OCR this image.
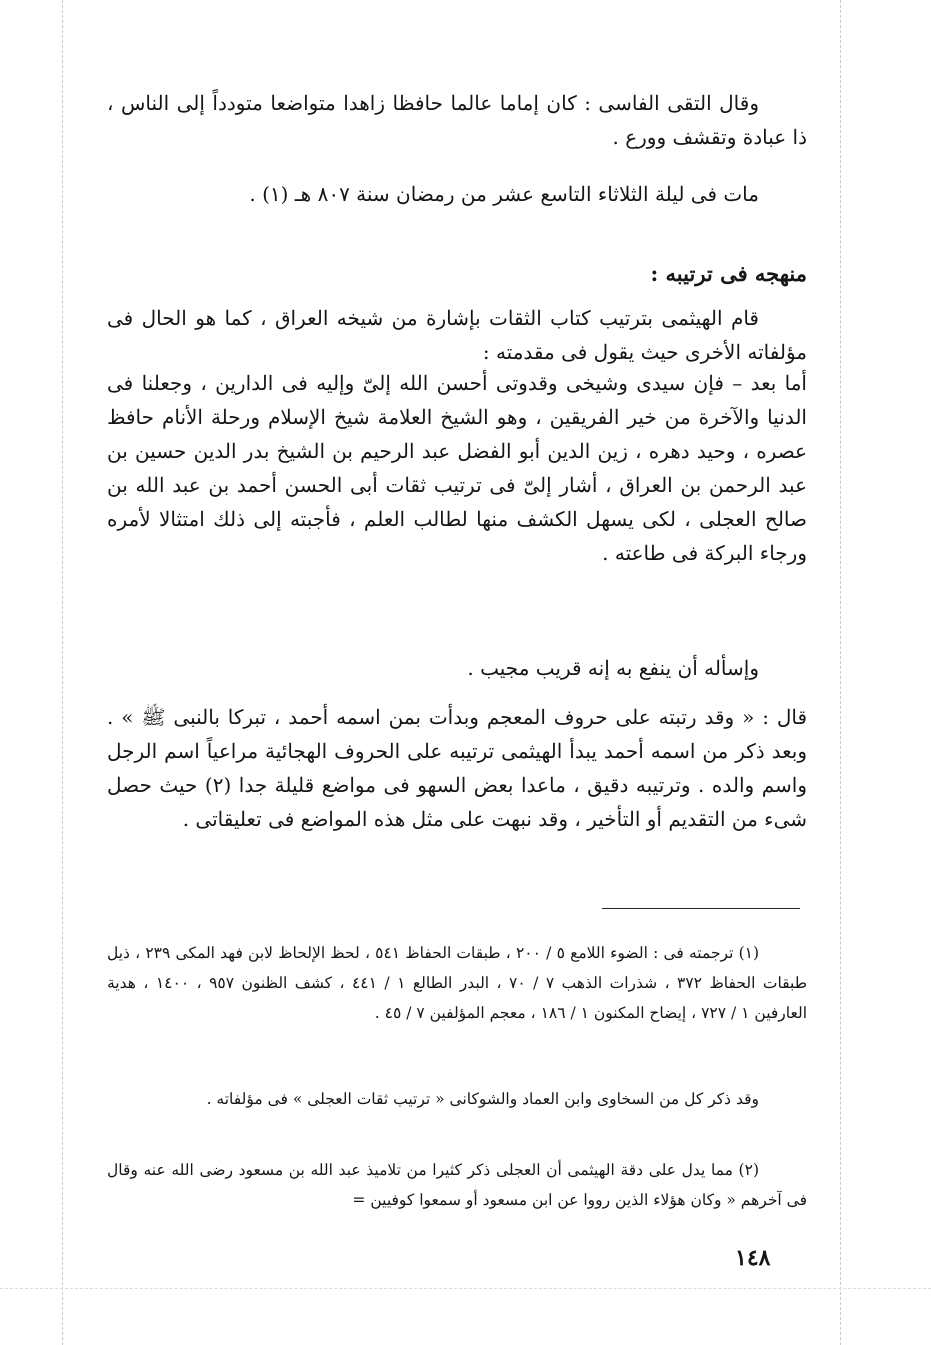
وقال التقى الفاسى : كان إماما عالما حافظا زاهدا متواضعا متودداً إلى الناس ، ذا عبادة وتقشف وورع .

مات فى ليلة الثلاثاء التاسع عشر من رمضان سنة ٨٠٧ هـ (١) .

منهجه فى ترتيبه :

قام الهيثمى بترتيب كتاب الثقات بإشارة من شيخه العراق ، كما هو الحال فى مؤلفاته الأخرى حيث يقول فى مقدمته :

أما بعد – فإن سيدى وشيخى وقدوتى أحسن الله إلىّ وإليه فى الدارين ، وجعلنا فى الدنيا والآخرة من خير الفريقين ، وهو الشيخ العلامة شيخ الإسلام ورحلة الأنام حافظ عصره ، وحيد دهره ، زين الدين أبو الفضل عبد الرحيم بن الشيخ بدر الدين حسين بن عبد الرحمن بن العراق ، أشار إلىّ فى ترتيب ثقات أبى الحسن أحمد بن عبد الله بن صالح العجلى ، لكى يسهل الكشف منها لطالب العلم ، فأجبته إلى ذلك امتثالا لأمره ورجاء البركة فى طاعته .

وإسأله أن ينفع به إنه قريب مجيب .

قال : « وقد رتبته على حروف المعجم وبدأت بمن اسمه أحمد ، تبركا بالنبى ﷺ » . وبعد ذكر من اسمه أحمد يبدأ الهيثمى ترتيبه على الحروف الهجائية مراعياً اسم الرجل واسم والده . وترتيبه دقيق ، ماعدا بعض السهو فى مواضع قليلة جدا (٢) حيث حصل شىء من التقديم أو التأخير ، وقد نبهت على مثل هذه المواضع فى تعليقاتى .

(١) ترجمته فى : الضوء اللامع ٥ / ٢٠٠ ، طبقات الحفاظ ٥٤١ ، لحظ الإلحاظ لابن فهد المكى ٢٣٩ ، ذيل طبقات الحفاظ ٣٧٢ ، شذرات الذهب ٧ / ٧٠ ، البدر الطالع ١ / ٤٤١ ، كشف الظنون ٩٥٧ ، ١٤٠٠ ، هدية العارفين ١ / ٧٢٧ ، إيضاح المكنون ١ / ١٨٦ ، معجم المؤلفين ٧ / ٤٥ .

وقد ذكر كل من السخاوى وابن العماد والشوكانى « ترتيب ثقات العجلى » فى مؤلفاته .

(٢) مما يدل على دقة الهيثمى أن العجلى ذكر كثيرا من تلاميذ عبد الله بن مسعود رضى الله عنه وقال فى آخرهم « وكان هؤلاء الذين رووا عن ابن مسعود أو سمعوا كوفيين =

١٤٨
